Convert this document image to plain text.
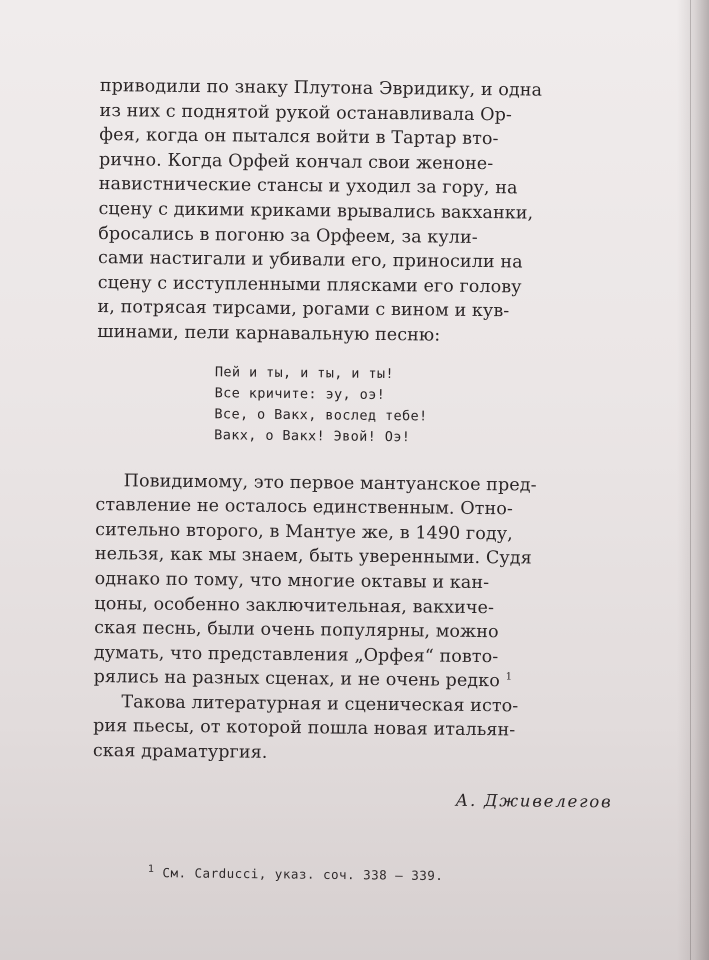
приводили по знаку Плутона Эвридику, и одна
из них с поднятой рукой останавливала Ор-
фея, когда он пытался войти в Тартар вто-
рично. Когда Орфей кончал свои женоне-
навистнические стансы и уходил за гору, на
сцену с дикими криками врывались вакханки,
бросались в погоню за Орфеем, за кули-
сами настигали и убивали его, приносили на
сцену с исступленными плясками его голову
и, потрясая тирсами, рогами с вином и кув-
шинами, пели карнавальную песню:
Пей и ты, и ты, и ты!
Все кричите: эу, оэ!
Все, о Вакх, вослед тебе!
Вакх, о Вакх! Эвой! Оэ!
Повидимому, это первое мантуанское пред-
ставление не осталось единственным. Отно-
сительно второго, в Мантуе же, в 1490 году,
нельзя, как мы знаем, быть уверенными. Судя
однако по тому, что многие октавы и кан-
цоны, особенно заключительная, вакхиче-
ская песнь, были очень популярны, можно
думать, что представления „Орфея“ повто-
рялись на разных сценах, и не очень редко $^1$
Такова литературная и сценическая исто-
рия пьесы, от которой пошла новая итальян-
ская драматургия.
А. Дживелегов
$^1$ Cм. Carducci, указ. соч. 338 – 339.
